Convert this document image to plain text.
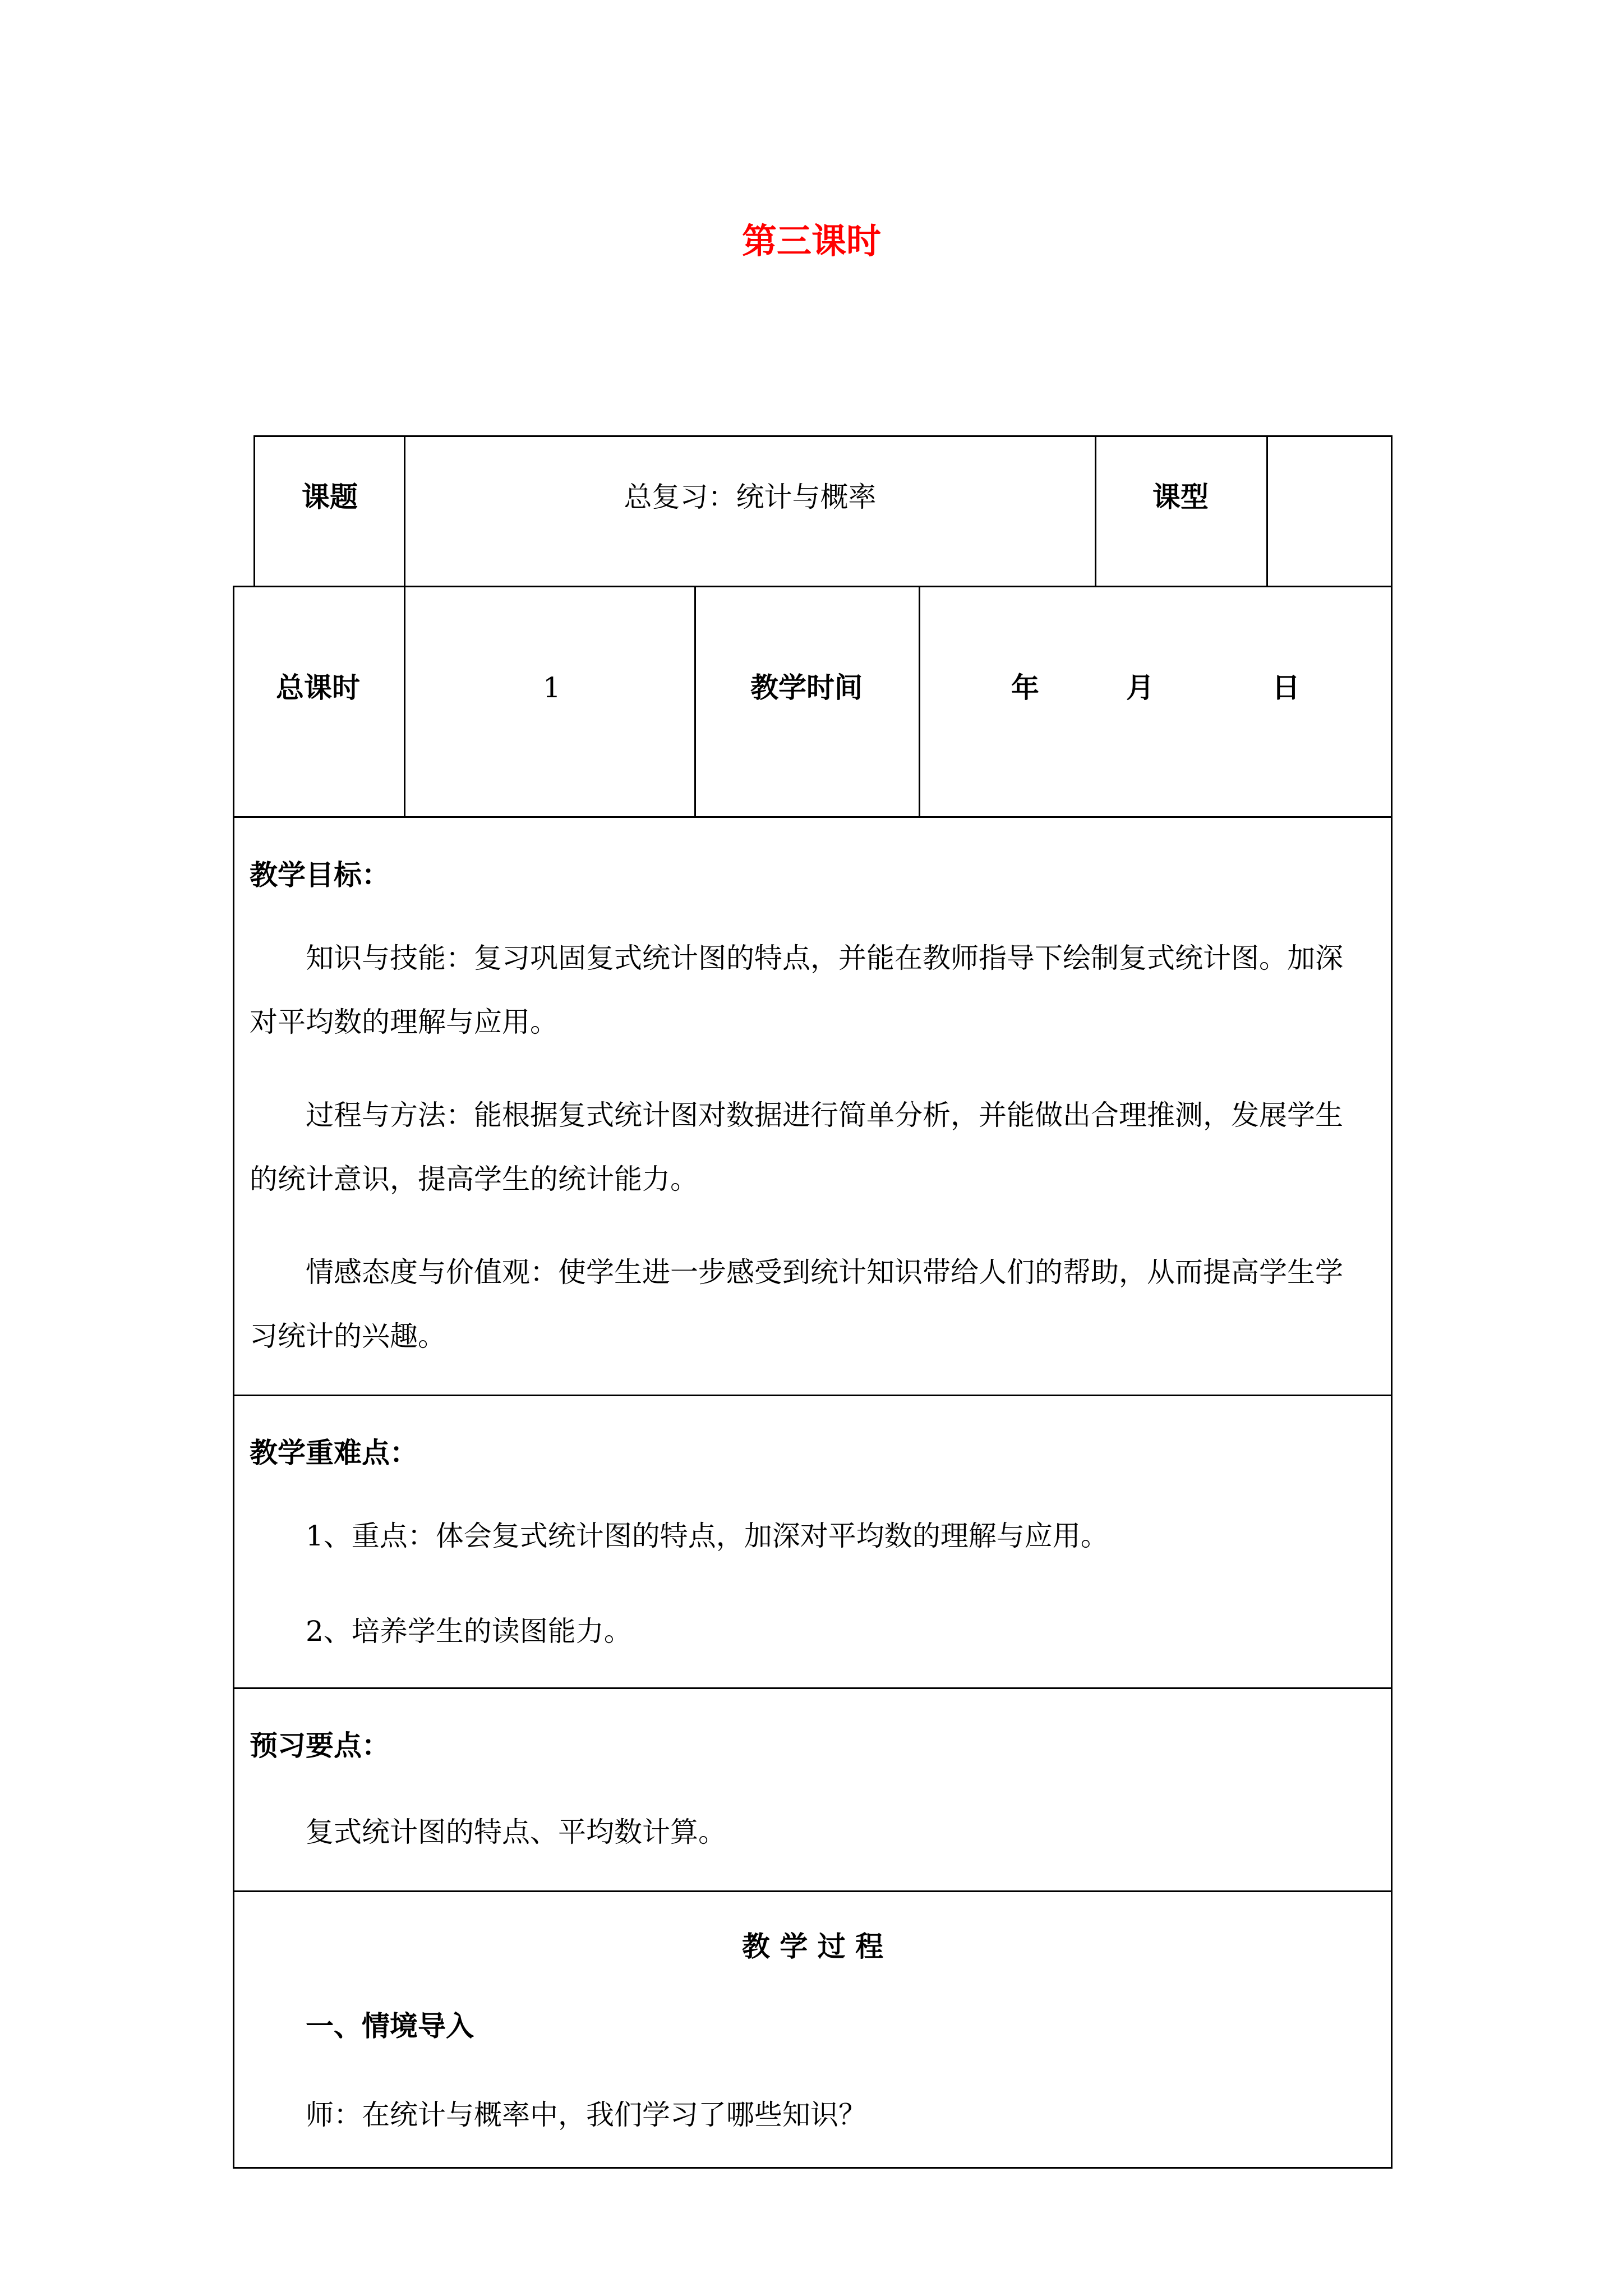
第三课时
课题	总复习：统计与概率	课型
总课时	1	教学时间	年	月	日
教学目标：
知识与技能：复习巩固复式统计图的特点，并能在教师指导下绘制复式统计图。加深
对平均数的理解与应用。
过程与方法：能根据复式统计图对数据进行简单分析，并能做出合理推测，发展学生
的统计意识，提高学生的统计能力。
情感态度与价值观：使学生进一步感受到统计知识带给人们的帮助，从而提高学生学
习统计的兴趣。
教学重难点：
1、重点：体会复式统计图的特点，加深对平均数的理解与应用。
2、培养学生的读图能力。
预习要点：
复式统计图的特点、平均数计算。
教 学 过 程
一、情境导入
师：在统计与概率中，我们学习了哪些知识？
